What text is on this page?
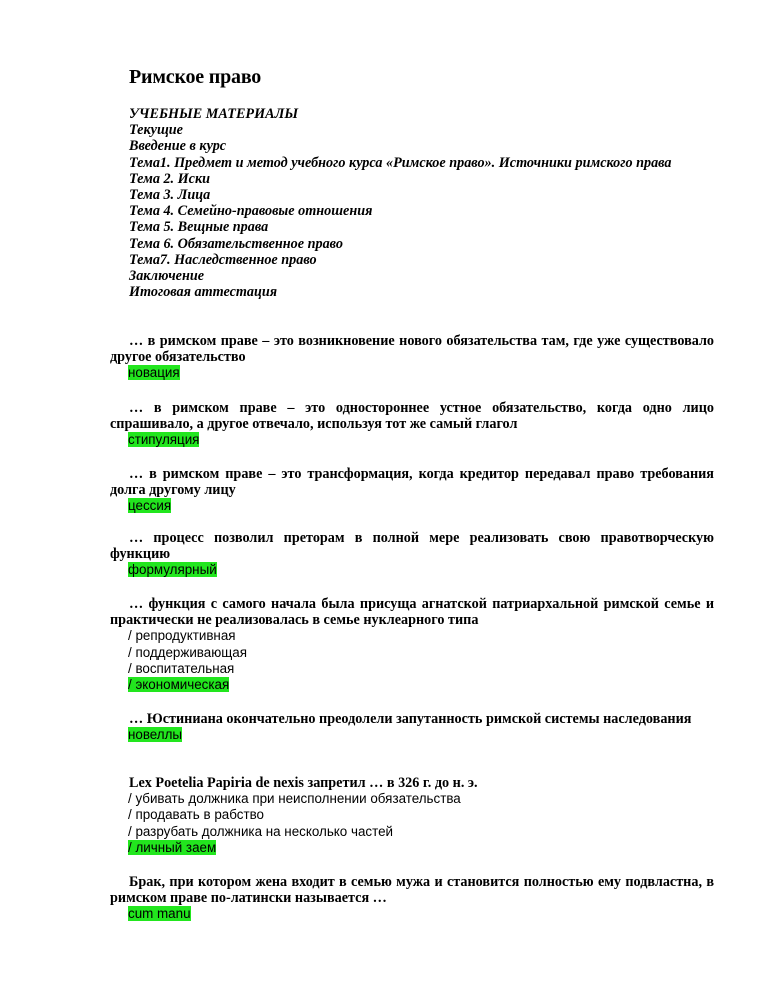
Римское право
УЧЕБНЫЕ МАТЕРИАЛЫ
Текущие
Введение в курс
Тема1. Предмет и метод учебного курса «Римское право». Источники римского права
Тема 2. Иски
Тема 3. Лица
Тема 4. Семейно-правовые отношения
Тема 5. Вещные права
Тема 6. Обязательственное право
Тема7. Наследственное право
Заключение
Итоговая аттестация
… в римском праве – это возникновение нового обязательства там, где уже существовало другое обязательство
новация
… в римском праве – это одностороннее устное обязательство, когда одно лицо спрашивало, а другое отвечало, используя тот же самый глагол
стипуляция
… в римском праве – это трансформация, когда кредитор передавал право требования долга другому лицу
цессия
… процесс позволил преторам в полной мере реализовать свою правотворческую функцию
формулярный
… функция с самого начала была присуща агнатской патриархальной римской семье и практически не реализовалась в семье нуклеарного типа
/ репродуктивная
/ поддерживающая
/ воспитательная
/ экономическая
… Юстиниана окончательно преодолели запутанность римской системы наследования
новеллы
Lex Poetelia Papiria de nexis запретил … в 326 г. до н. э.
/ убивать должника при неисполнении обязательства
/ продавать в рабство
/ разрубать должника на несколько частей
/ личный заем
Брак, при котором жена входит в семью мужа и становится полностью ему подвластна, в римском праве по-латински называется …
cum manu
